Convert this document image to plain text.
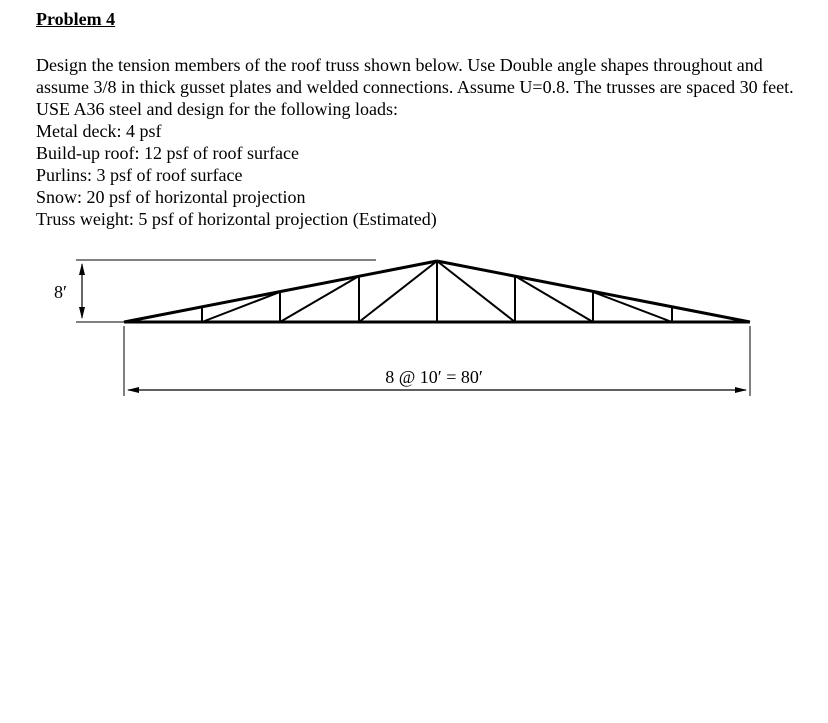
Problem 4
Design the tension members of the roof truss shown below. Use Double angle shapes throughout and assume 3/8 in thick gusset plates and welded connections. Assume U=0.8. The trusses are spaced 30 feet. USE A36 steel and design for the following loads:
Metal deck: 4 psf
Build-up roof: 12 psf of roof surface
Purlins: 3 psf of roof surface
Snow: 20 psf of horizontal projection
Truss weight: 5 psf of horizontal projection (Estimated)
8′
8 @ 10′ = 80′
